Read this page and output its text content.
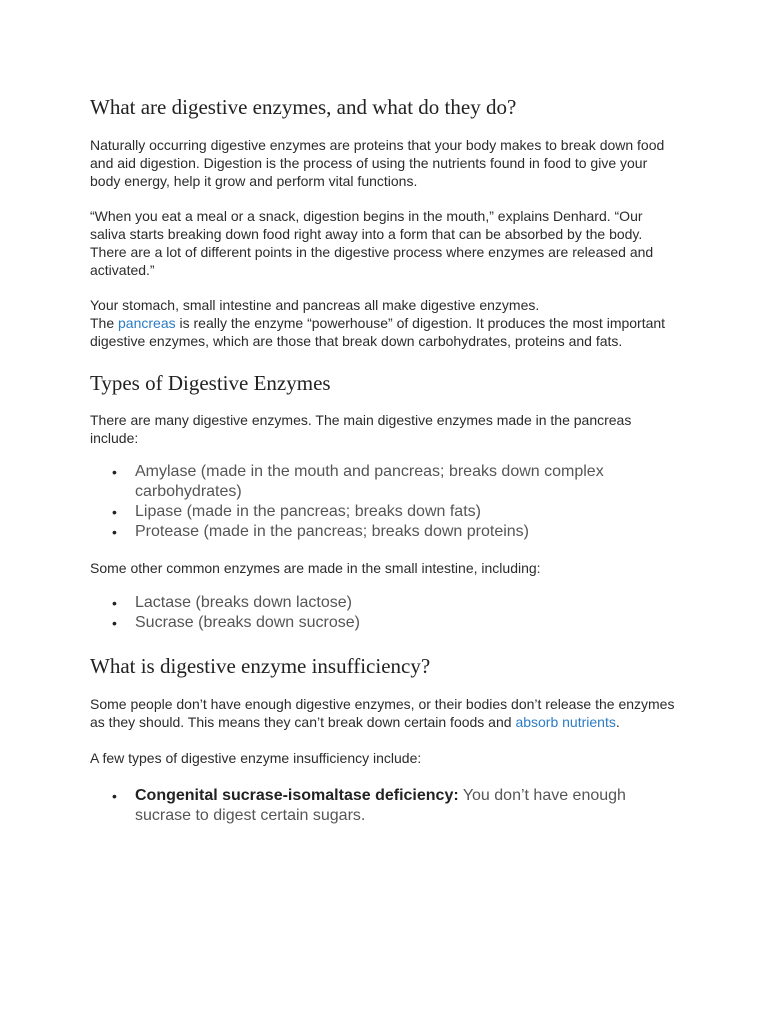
What are digestive enzymes, and what do they do?

Naturally occurring digestive enzymes are proteins that your body makes to break down food and aid digestion. Digestion is the process of using the nutrients found in food to give your body energy, help it grow and perform vital functions.

“When you eat a meal or a snack, digestion begins in the mouth,” explains Denhard. “Our saliva starts breaking down food right away into a form that can be absorbed by the body. There are a lot of different points in the digestive process where enzymes are released and activated.”

Your stomach, small intestine and pancreas all make digestive enzymes.
The pancreas is really the enzyme “powerhouse” of digestion. It produces the most important digestive enzymes, which are those that break down carbohydrates, proteins and fats.

Types of Digestive Enzymes

There are many digestive enzymes. The main digestive enzymes made in the pancreas include:

• Amylase (made in the mouth and pancreas; breaks down complex carbohydrates)
• Lipase (made in the pancreas; breaks down fats)
• Protease (made in the pancreas; breaks down proteins)

Some other common enzymes are made in the small intestine, including:

• Lactase (breaks down lactose)
• Sucrase (breaks down sucrose)
What is digestive enzyme insufficiency?

Some people don’t have enough digestive enzymes, or their bodies don’t release the enzymes as they should. This means they can’t break down certain foods and absorb nutrients.

A few types of digestive enzyme insufficiency include:

• Congenital sucrase-isomaltase deficiency: You don’t have enough sucrase to digest certain sugars.
